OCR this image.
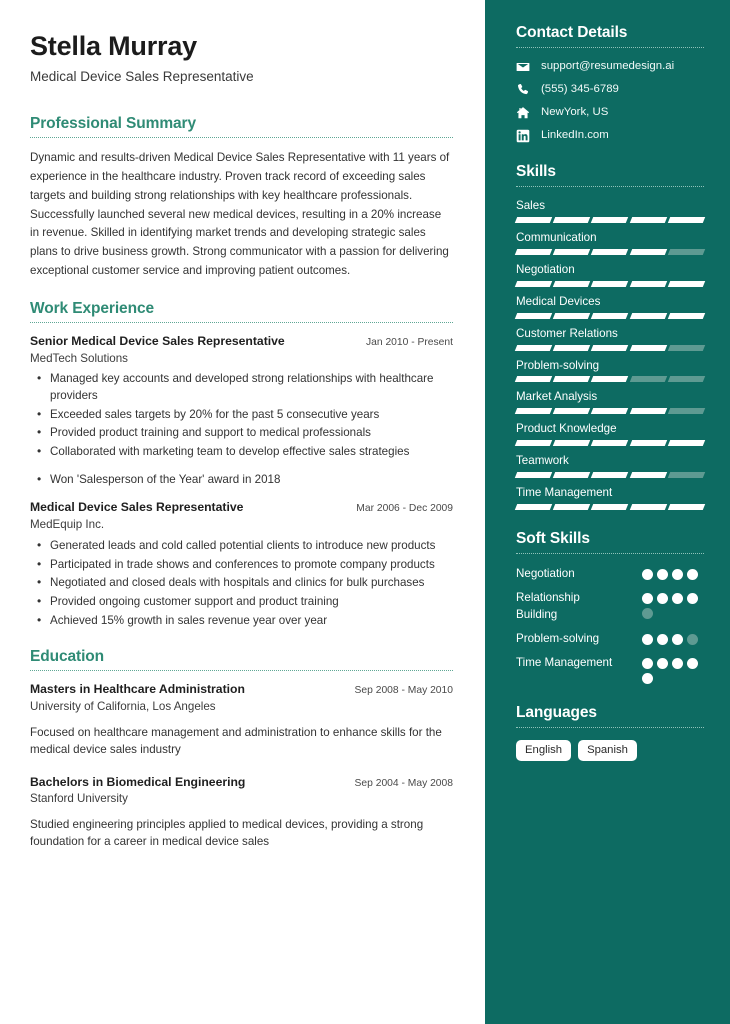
Stella Murray
Medical Device Sales Representative
Professional Summary

Dynamic and results-driven Medical Device Sales Representative with 11 years of experience in the healthcare industry. Proven track record of exceeding sales targets and building strong relationships with key healthcare professionals. Successfully launched several new medical devices, resulting in a 20% increase in revenue. Skilled in identifying market trends and developing strategic sales plans to drive business growth. Strong communicator with a passion for delivering exceptional customer service and improving patient outcomes.

Work Experience
Senior Medical Device Sales Representative	Jan 2010 - Present
MedTech Solutions
• Managed key accounts and developed strong relationships with healthcare providers
• Exceeded sales targets by 20% for the past 5 consecutive years
• Provided product training and support to medical professionals
• Collaborated with marketing team to develop effective sales strategies
• Won 'Salesperson of the Year' award in 2018
Medical Device Sales Representative	Mar 2006 - Dec 2009
MedEquip Inc.
• Generated leads and cold called potential clients to introduce new products
• Participated in trade shows and conferences to promote company products
• Negotiated and closed deals with hospitals and clinics for bulk purchases
• Provided ongoing customer support and product training
• Achieved 15% growth in sales revenue year over year
Education
Masters in Healthcare Administration	Sep 2008 - May 2010
University of California, Los Angeles
Focused on healthcare management and administration to enhance skills for the medical device sales industry
Bachelors in Biomedical Engineering	Sep 2004 - May 2008
Stanford University
Studied engineering principles applied to medical devices, providing a strong foundation for a career in medical device sales
Contact Details
support@resumedesign.ai
(555) 345-6789
NewYork, US
LinkedIn.com
Skills
Sales
Communication
Negotiation
Medical Devices
Customer Relations
Problem-solving
Market Analysis
Product Knowledge
Teamwork
Time Management
Soft Skills
Negotiation
Relationship Building
Problem-solving
Time Management
Languages
English	Spanish
